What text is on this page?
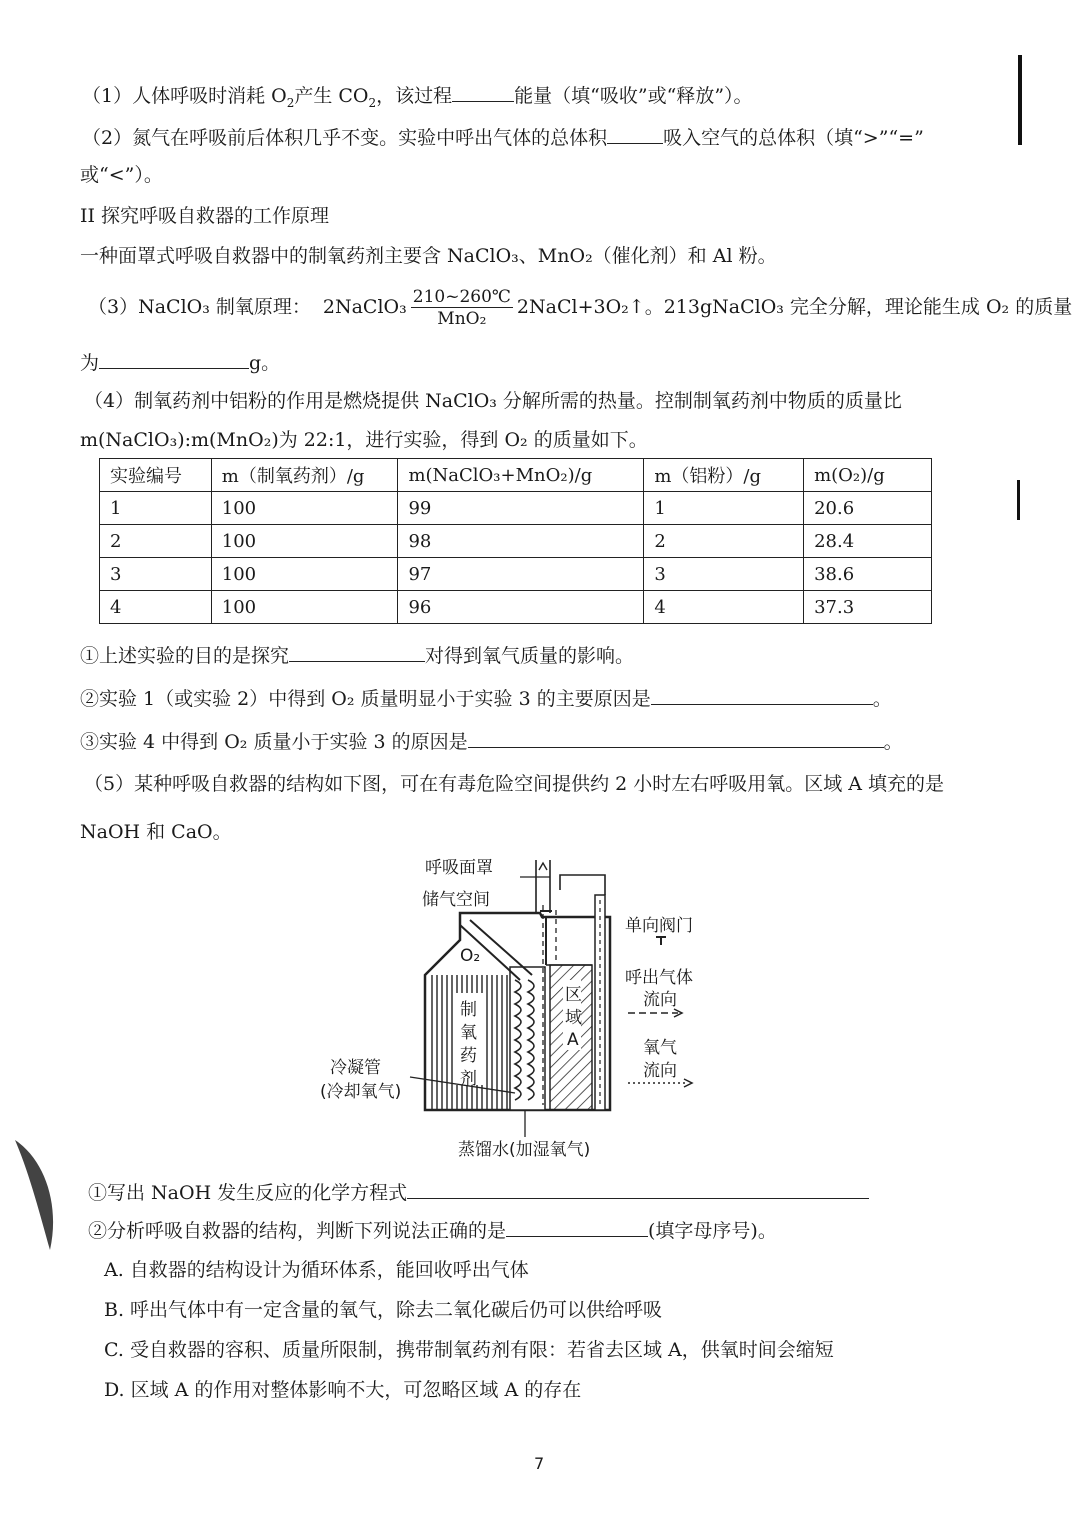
（1）人体呼吸时消耗 $O_2$产生 $CO_2$，该过程	能量（填“吸收”或“释放”）。
（2）氮气在呼吸前后体积几乎不变。实验中呼出气体的总体积	吸入空气的总体积（填“>”“=”
或“<”）。
II 探究呼吸自救器的工作原理
一种面罩式呼吸自救器中的制氧药剂主要含 NaClO₃、MnO₂（催化剂）和 Al 粉。
（3）NaClO₃ 制氧原理： 2NaClO₃ $\frac{210\sim 260℃}{\text{MnO₂}}$ 2NaCl+3O₂↑。213gNaClO₃ 完全分解，理论能生成 O₂ 的质量
为	g。
（4）制氧药剂中铝粉的作用是燃烧提供 NaClO₃ 分解所需的热量。控制制氧药剂中物质的质量比
m(NaClO₃):m(MnO₂)为 22:1，进行实验，得到 O₂ 的质量如下。
实验编号	m（制氧药剂）/g	m(NaClO₃+MnO₂)/g	m（铝粉）/g	m(O₂)/g
1	100	99	1	20.6
2	100	98	2	28.4
3	100	97	3	38.6
4	100	96	4	37.3
①上述实验的目的是探究	对得到氧气质量的影响。
②实验 1（或实验 2）中得到 O₂ 质量明显小于实验 3 的主要原因是	。
③实验 4 中得到 O₂ 质量小于实验 3 的原因是	。
（5）某种呼吸自救器的结构如下图，可在有毒危险空间提供约 2 小时左右呼吸用氧。区域 A 填充的是
NaOH 和 CaO。
呼吸面罩
储气空间
O₂
制
氧
药
剂
区
域
A
冷凝管
(冷却氧气)
蒸馏水(加湿氧气)
单向阀门
呼出气体
流向
氧气
流向
①写出 NaOH 发生反应的化学方程式
②分析呼吸自救器的结构，判断下列说法正确的是	(填字母序号)。
A. 自救器的结构设计为循环体系，能回收呼出气体
B. 呼出气体中有一定含量的氧气，除去二氧化碳后仍可以供给呼吸
C. 受自救器的容积、质量所限制，携带制氧药剂有限：若省去区域 A，供氧时间会缩短
D. 区域 A 的作用对整体影响不大，可忽略区域 A 的存在
7
